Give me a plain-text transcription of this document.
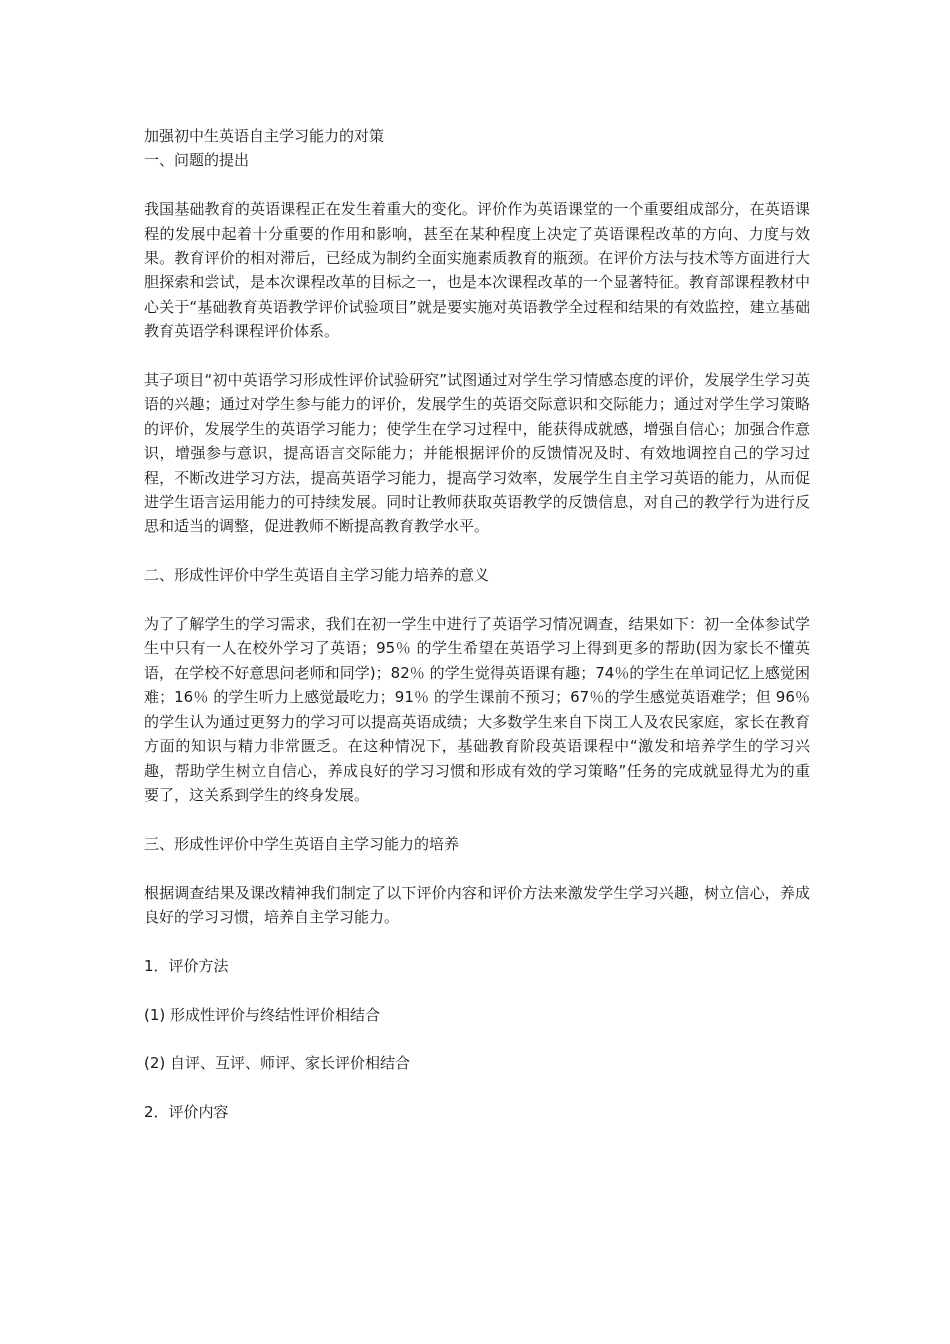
加强初中生英语自主学习能力的对策

一、问题的提出

我国基础教育的英语课程正在发生着重大的变化。评价作为英语课堂的一个重要组成部分，在英语课程的发展中起着十分重要的作用和影响，甚至在某种程度上决定了英语课程改革的方向、力度与效果。教育评价的相对滞后，已经成为制约全面实施素质教育的瓶颈。在评价方法与技术等方面进行大胆探索和尝试，是本次课程改革的目标之一，也是本次课程改革的一个显著特征。教育部课程教材中心关于“基础教育英语教学评价试验项目”就是要实施对英语教学全过程和结果的有效监控，建立基础教育英语学科课程评价体系。

其子项目“初中英语学习形成性评价试验研究”试图通过对学生学习情感态度的评价，发展学生学习英语的兴趣；通过对学生参与能力的评价，发展学生的英语交际意识和交际能力；通过对学生学习策略的评价，发展学生的英语学习能力；使学生在学习过程中，能获得成就感，增强自信心；加强合作意识，增强参与意识，提高语言交际能力；并能根据评价的反馈情况及时、有效地调控自己的学习过程，不断改进学习方法，提高英语学习能力，提高学习效率，发展学生自主学习英语的能力，从而促进学生语言运用能力的可持续发展。同时让教师获取英语教学的反馈信息，对自己的教学行为进行反思和适当的调整，促进教师不断提高教育教学水平。

二、形成性评价中学生英语自主学习能力培养的意义

为了了解学生的学习需求，我们在初一学生中进行了英语学习情况调查，结果如下：初一全体参试学生中只有一人在校外学习了英语；95％ 的学生希望在英语学习上得到更多的帮助(因为家长不懂英语，在学校不好意思问老师和同学)；82％ 的学生觉得英语课有趣；74％的学生在单词记忆上感觉困难；16％ 的学生听力上感觉最吃力；91％ 的学生课前不预习；67％的学生感觉英语难学；但 96％ 的学生认为通过更努力的学习可以提高英语成绩；大多数学生来自下岗工人及农民家庭，家长在教育方面的知识与精力非常匮乏。在这种情况下，基础教育阶段英语课程中“激发和培养学生的学习兴趣，帮助学生树立自信心，养成良好的学习习惯和形成有效的学习策略”任务的完成就显得尤为的重要了，这关系到学生的终身发展。

三、形成性评价中学生英语自主学习能力的培养

根据调查结果及课改精神我们制定了以下评价内容和评价方法来激发学生学习兴趣，树立信心，养成良好的学习习惯，培养自主学习能力。

1．评价方法

(1) 形成性评价与终结性评价相结合

(2) 自评、互评、师评、家长评价相结合

2．评价内容
